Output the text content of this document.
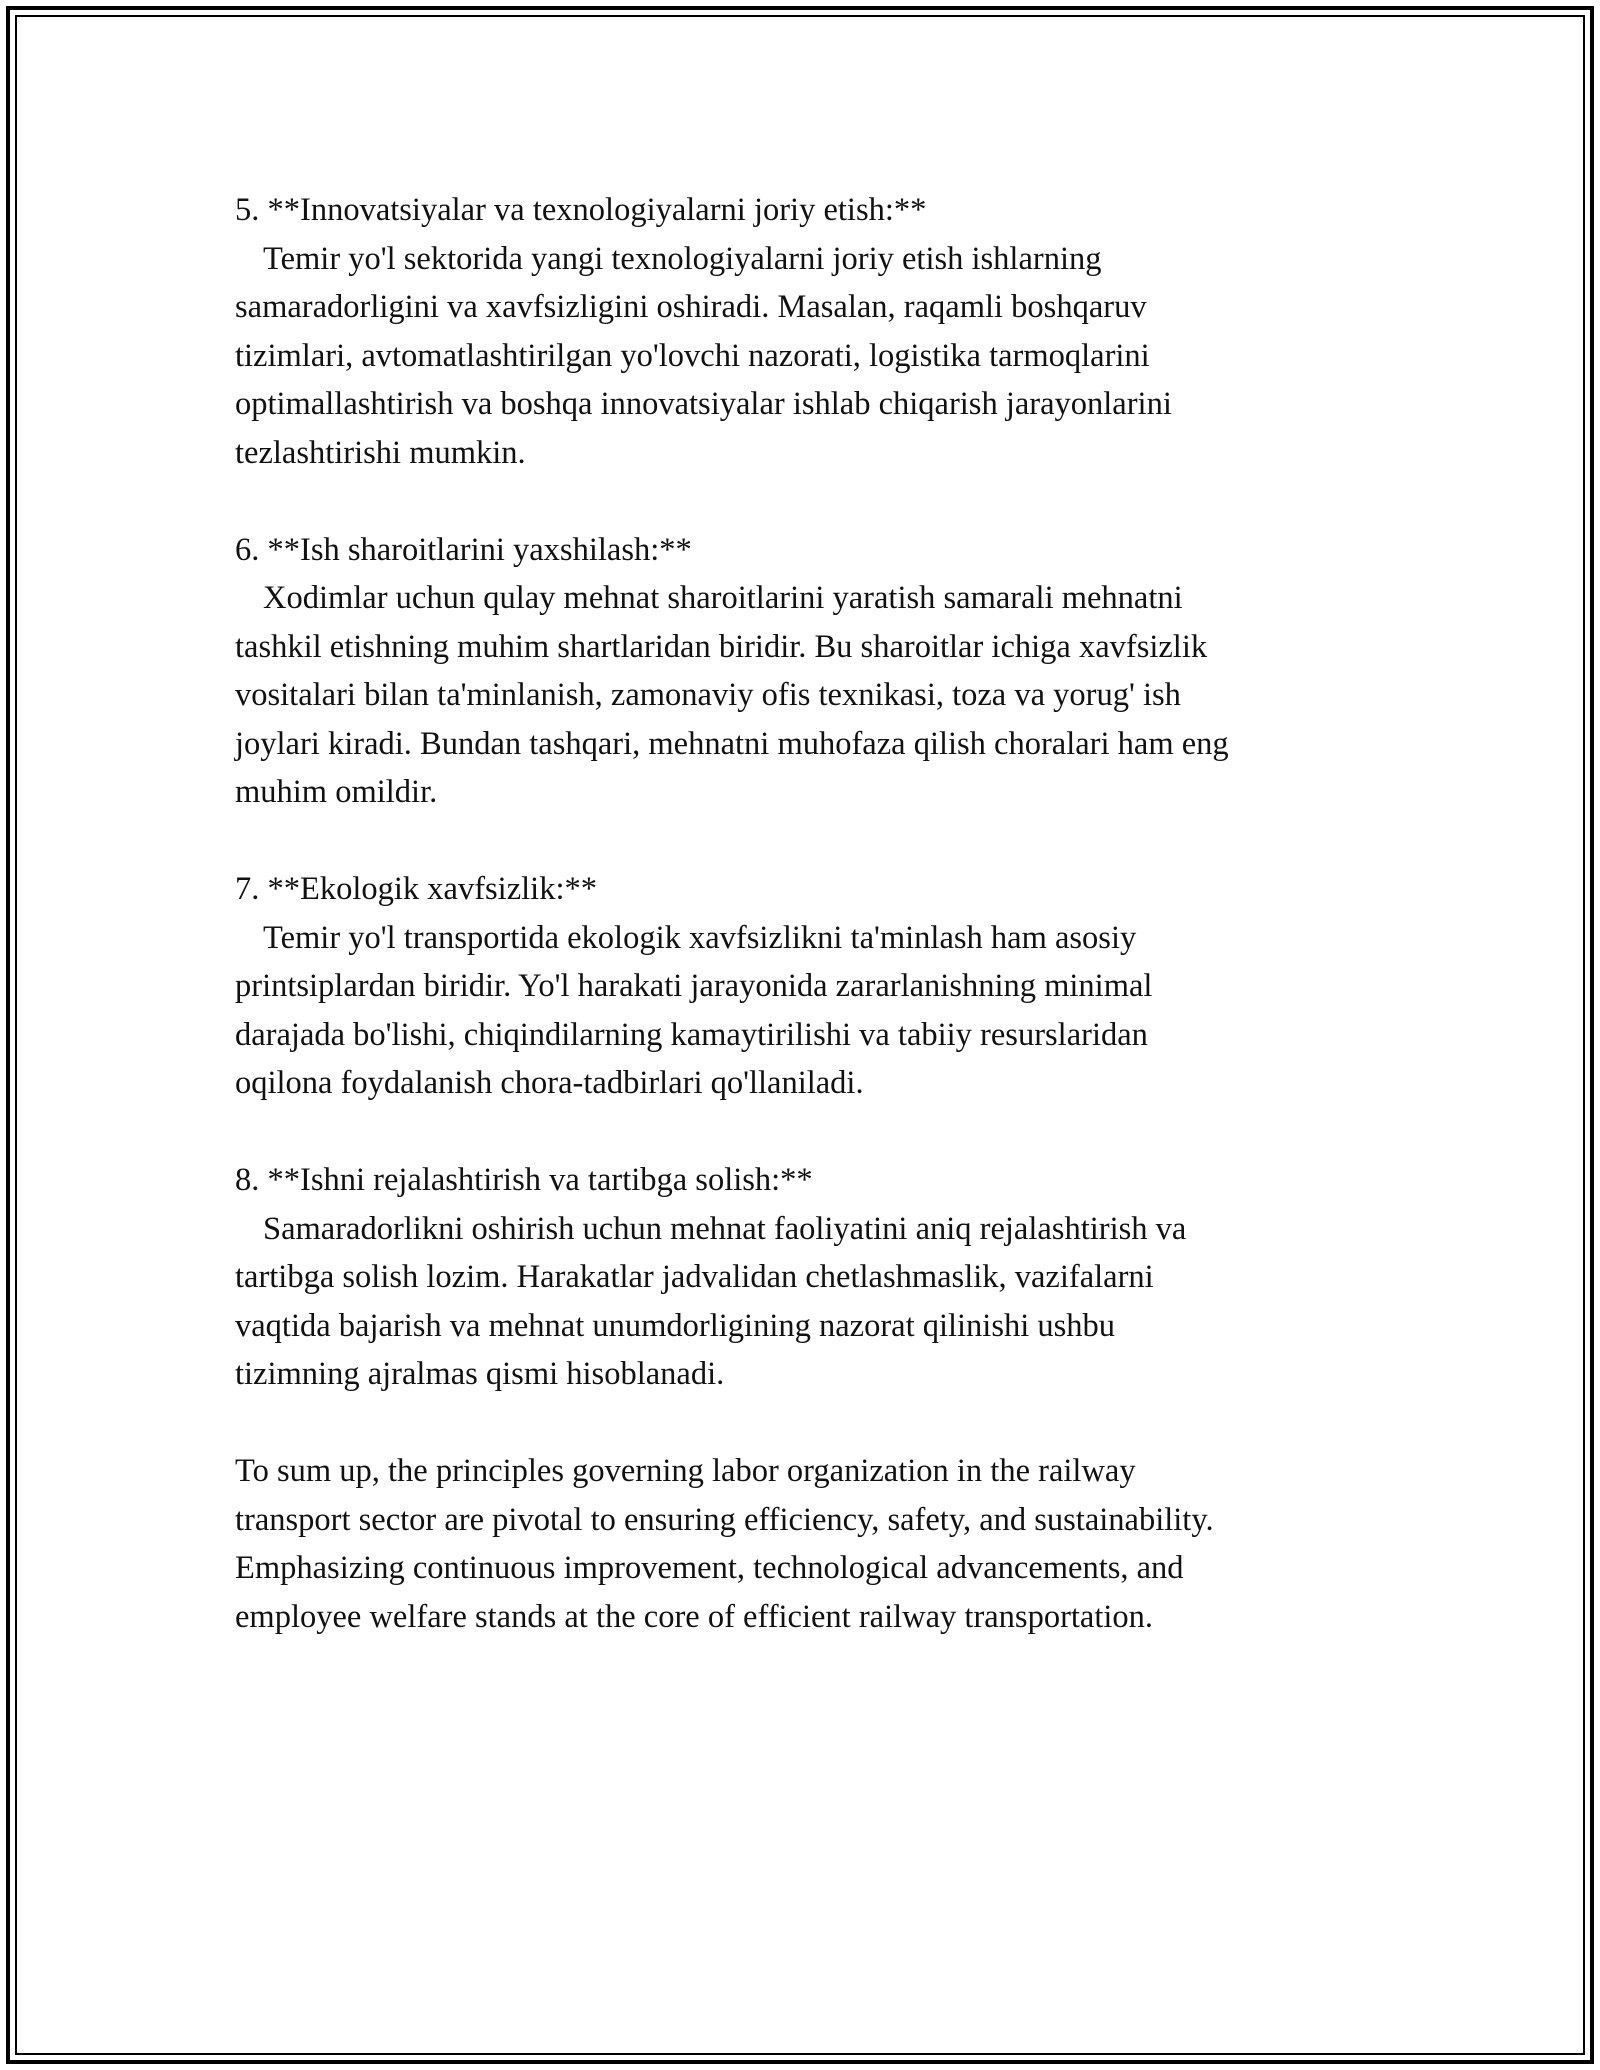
5. **Innovatsiyalar va texnologiyalarni joriy etish:**

Temir yo'l sektorida yangi texnologiyalarni joriy etish ishlarning
samaradorligini va xavfsizligini oshiradi. Masalan, raqamli boshqaruv
tizimlari, avtomatlashtirilgan yo'lovchi nazorati, logistika tarmoqlarini
optimallashtirish va boshqa innovatsiyalar ishlab chiqarish jarayonlarini
tezlashtirishi mumkin.

6. **Ish sharoitlarini yaxshilash:**

Xodimlar uchun qulay mehnat sharoitlarini yaratish samarali mehnatni
tashkil etishning muhim shartlaridan biridir. Bu sharoitlar ichiga xavfsizlik
vositalari bilan ta'minlanish, zamonaviy ofis texnikasi, toza va yorug' ish
joylari kiradi. Bundan tashqari, mehnatni muhofaza qilish choralari ham eng
muhim omildir.

7. **Ekologik xavfsizlik:**

Temir yo'l transportida ekologik xavfsizlikni ta'minlash ham asosiy
printsiplardan biridir. Yo'l harakati jarayonida zararlanishning minimal
darajada bo'lishi, chiqindilarning kamaytirilishi va tabiiy resurslaridan
oqilona foydalanish chora-tadbirlari qo'llaniladi.

8. **Ishni rejalashtirish va tartibga solish:**

Samaradorlikni oshirish uchun mehnat faoliyatini aniq rejalashtirish va
tartibga solish lozim. Harakatlar jadvalidan chetlashmaslik, vazifalarni
vaqtida bajarish va mehnat unumdorligining nazorat qilinishi ushbu
tizimning ajralmas qismi hisoblanadi.

To sum up, the principles governing labor organization in the railway
transport sector are pivotal to ensuring efficiency, safety, and sustainability.
Emphasizing continuous improvement, technological advancements, and
employee welfare stands at the core of efficient railway transportation.
